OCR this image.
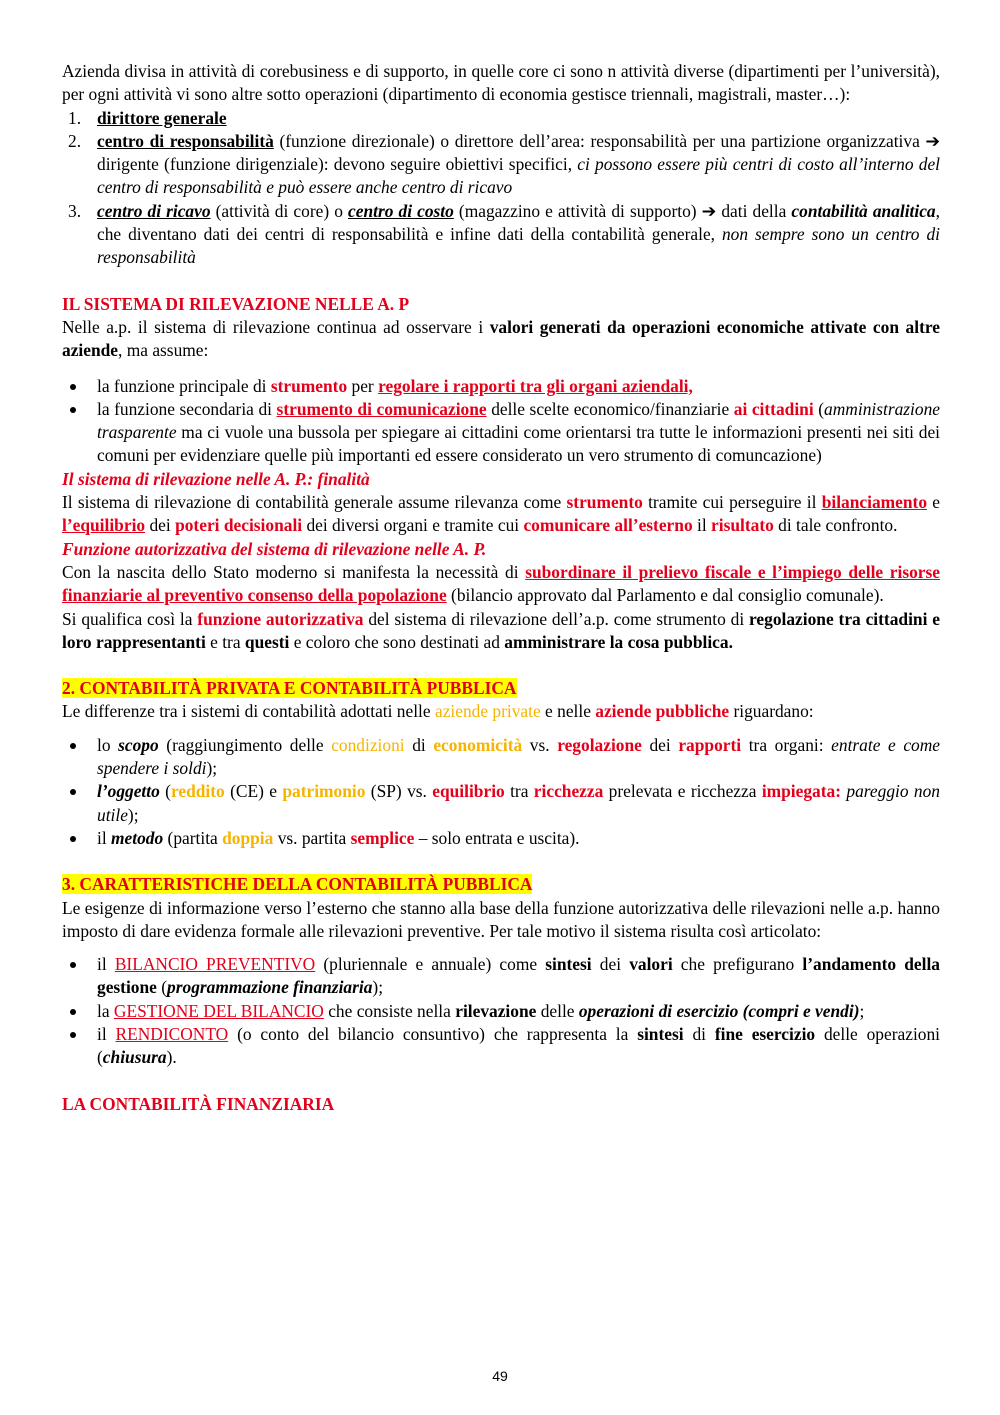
Azienda divisa in attività di corebusiness e di supporto, in quelle core ci sono n attività diverse (dipartimenti per l’università), per ogni attività vi sono altre sotto operazioni (dipartimento di economia gestisce triennali, magistrali, master…):

1. dirittore generale
2. centro di responsabilità (funzione direzionale) o direttore dell’area: responsabilità per una partizione organizzativa ➔ dirigente (funzione dirigenziale): devono seguire obiettivi specifici, ci possono essere più centri di costo all’interno del centro di responsabilità e può essere anche centro di ricavo
3. centro di ricavo (attività di core) o centro di costo (magazzino e attività di supporto) ➔ dati della contabilità analitica, che diventano dati dei centri di responsabilità e infine dati della contabilità generale, non sempre sono un centro di responsabilità
IL SISTEMA DI RILEVAZIONE NELLE A. P

Nelle a.p. il sistema di rilevazione continua ad osservare i valori generati da operazioni economiche attivate con altre aziende, ma assume:

la funzione principale di strumento per regolare i rapporti tra gli organi aziendali,
la funzione secondaria di strumento di comunicazione delle scelte economico/finanziarie ai cittadini (amministrazione trasparente ma ci vuole una bussola per spiegare ai cittadini come orientarsi tra tutte le informazioni presenti nei siti dei comuni per evidenziare quelle più importanti ed essere considerato un vero strumento di comuncazione)
Il sistema di rilevazione nelle A. P.: finalità

Il sistema di rilevazione di contabilità generale assume rilevanza come strumento tramite cui perseguire il bilanciamento e l’equilibrio dei poteri decisionali dei diversi organi e tramite cui comunicare all’esterno il risultato di tale confronto.

Funzione autorizzativa del sistema di rilevazione nelle A. P.

Con la nascita dello Stato moderno si manifesta la necessità di subordinare il prelievo fiscale e l’impiego delle risorse finanziarie al preventivo consenso della popolazione (bilancio approvato dal Parlamento e dal consiglio comunale).

Si qualifica così la funzione autorizzativa del sistema di rilevazione dell’a.p. come strumento di regolazione tra cittadini e loro rappresentanti e tra questi e coloro che sono destinati ad amministrare la cosa pubblica.

2. CONTABILITÀ PRIVATA E CONTABILITÀ PUBBLICA

Le differenze tra i sistemi di contabilità adottati nelle aziende private e nelle aziende pubbliche riguardano:

lo scopo (raggiungimento delle condizioni di economicità vs. regolazione dei rapporti tra organi: entrate e come spendere i soldi);
l’oggetto (reddito (CE) e patrimonio (SP) vs. equilibrio tra ricchezza prelevata e ricchezza impiegata: pareggio non utile);
il metodo (partita doppia vs. partita semplice – solo entrata e uscita).
3. CARATTERISTICHE DELLA CONTABILITÀ PUBBLICA

Le esigenze di informazione verso l’esterno che stanno alla base della funzione autorizzativa delle rilevazioni nelle a.p. hanno imposto di dare evidenza formale alle rilevazioni preventive. Per tale motivo il sistema risulta così articolato:

il BILANCIO PREVENTIVO (pluriennale e annuale) come sintesi dei valori che prefigurano l’andamento della gestione (programmazione finanziaria);
la GESTIONE DEL BILANCIO che consiste nella rilevazione delle operazioni di esercizio (compri e vendi);
il RENDICONTO (o conto del bilancio consuntivo) che rappresenta la sintesi di fine esercizio delle operazioni (chiusura).
LA CONTABILITÀ FINANZIARIA
49
